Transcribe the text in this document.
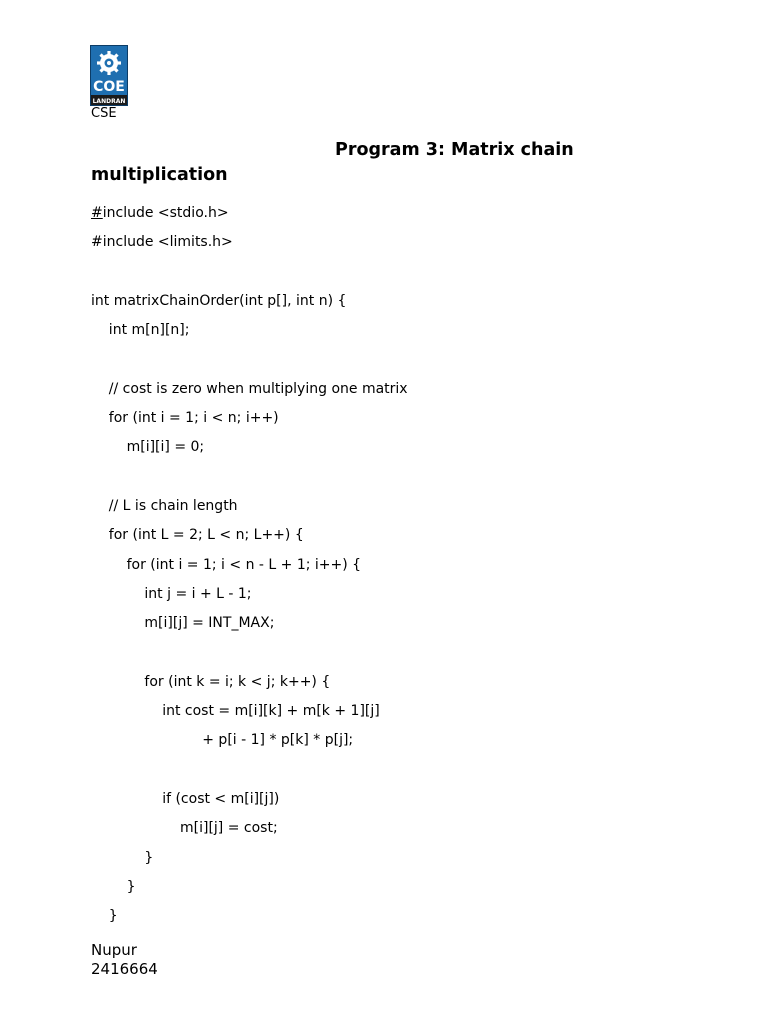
COE
LANDRAN
CSE
Program 3: Matrix chain
multiplication
#include <stdio.h>
#include <limits.h>

int matrixChainOrder(int p[], int n) {
int m[n][n];

// cost is zero when multiplying one matrix
for (int i = 1; i < n; i++)
m[i][i] = 0;

// L is chain length
for (int L = 2; L < n; L++) {
for (int i = 1; i < n - L + 1; i++) {
int j = i + L - 1;
m[i][j] = INT_MAX;

for (int k = i; k < j; k++) {
int cost = m[i][k] + m[k + 1][j]
+ p[i - 1] * p[k] * p[j];

if (cost < m[i][j])
m[i][j] = cost;
}
}
}
Nupur
2416664
